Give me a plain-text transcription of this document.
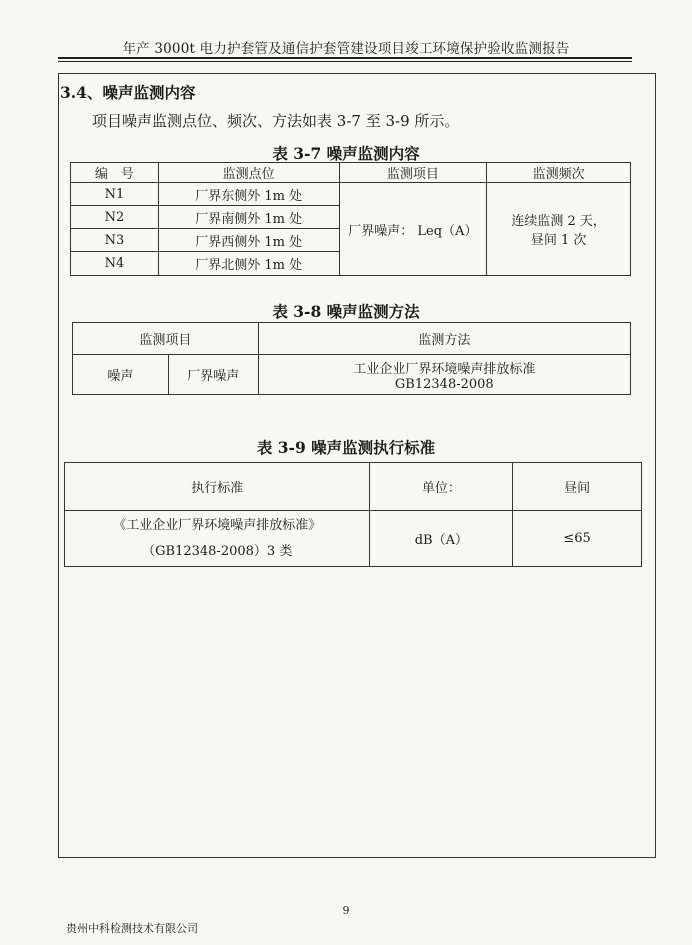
年产 3000t 电力护套管及通信护套管建设项目竣工环境保护验收监测报告
3.4、噪声监测内容
项目噪声监测点位、频次、方法如表 3-7 至 3-9 所示。
表 3-7 噪声监测内容
编　号	监测点位	监测项目	监测频次
N1	厂界东侧外 1m 处	厂界噪声： Leq（A）	连续监测 2 天，
昼间 1 次

N2	厂界南侧外 1m 处		
N3	厂界西侧外 1m 处		
N4	厂界北侧外 1m 处		
表 3-8 噪声监测方法
监测项目		监测方法
噪声	厂界噪声	工业企业厂界环境噪声排放标准
GB12348-2008
表 3-9 噪声监测执行标准
执行标准	单位：	昼间

《工业企业厂界环境噪声排放标准》
（GB12348-2008）3 类	dB（A）	≤65
9
贵州中科检测技术有限公司
